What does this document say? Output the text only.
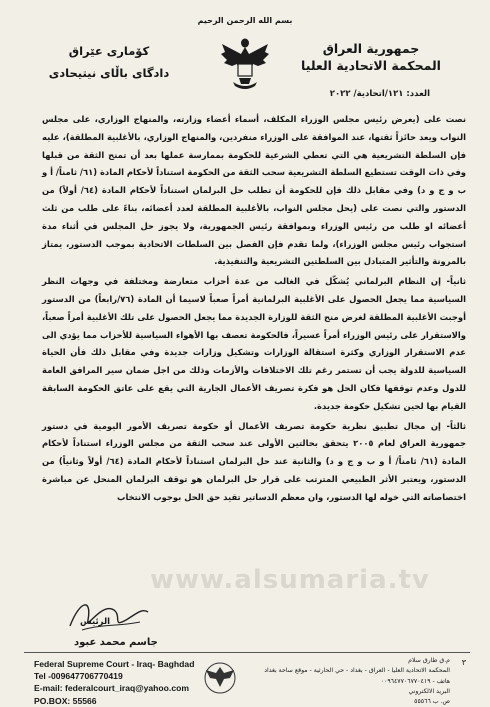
بسم الله الرحمن الرحيم
جمهورية العراق
المحكمة الاتحادية العليا
كۆماری عێراق
دادگای باڵای نیتیحادی
العدد: ١٢١/اتحادية/ ٢٠٢٢

نصت على (يعرض رئيس مجلس الوزراء المكلف، أسماء أعضاء وزارته، والمنهاج الوزاري، على مجلس النواب ويعد حائزاً ثقتها، عند الموافقة على الوزراء منفردين، والمنهاج الوزاري، بالأغلبية المطلقة)، عليه فإن السلطة التشريعية هي التي تعطي الشرعية للحكومة بممارسة عملها بعد أن تمنح الثقة من قبلها وفي ذات الوقت تستطيع السلطة التشريعية سحب الثقة من الحكومة استناداً لأحكام المادة (٦١/ ثامناً/ أ و ب و ج و د) وفي مقابل ذلك فإن للحكومة أن تطلب حل البرلمان استناداً لأحكام المادة (٦٤/ أولاً) من الدستور والتي نصت على (يحل مجلس النواب، بالأغلبية المطلقة لعدد أعضائه، بناءً على طلب من ثلث أعضائه او طلب من رئيس الوزراء وبموافقة رئيس الجمهورية، ولا يجوز حل المجلس في أثناء مدة استجواب رئيس مجلس الوزراء)، ولما تقدم فإن الفصل بين السلطات الاتحادية بموجب الدستور، يمتاز بالمرونة والتأثير المتبادل بين السلطتين التشريعية والتنفيذية.

ثانياً- إن النظام البرلماني يُشكّل في الغالب من عدة أحزاب متعارضة ومختلفة في وجهات النظر السياسية مما يجعل الحصول على الأغلبية البرلمانية أمراً صعباً لاسيما أن المادة (٧٦/رابعاً) من الدستور أوجبت الأغلبية المطلقة لغرض منح الثقة للوزارة الجديدة مما يجعل الحصول على تلك الأغلبية أمراً صعباً، والاستقرار على رئيس الوزراء أمراً عسيراً، فالحكومة تعصف بها الأهواء السياسية للأحزاب مما يؤدي الى عدم الاستقرار الوزاري وكثرة استقالة الوزارات وتشكيل وزارات جديدة وفي مقابل ذلك فأن الحياة السياسية للدولة يجب أن تستمر رغم تلك الاختلافات والأزمات وذلك من اجل ضمان سير المرافق العامة للدول وعدم توقفها فكان الحل هو فكرة تصريف الأعمال الجارية التي يقع على عاتق الحكومة السابقة القيام بها لحين تشكيل حكومة جديدة.

ثالثاً- إن مجال تطبيق نظرية حكومة تصريف الأعمال أو حكومة تصريف الأمور اليومية في دستور جمهورية العراق لعام ٢٠٠٥ يتحقق بحالتين الأولى عند سحب الثقة من مجلس الوزراء استناداً لأحكام المادة (٦١/ ثامناً/ أ و ب و ج و د) والثانية عند حل البرلمان استناداً لأحكام المادة (٦٤/ أولاً وثانياً) من الدستور، ويعتبر الأثر الطبيعي المترتب على قرار حل البرلمان هو توقف البرلمان المنحل عن مباشرة اختصاصاته التي خوله لها الدستور، وان معظم الدساتير تقيد حق الحل بوجوب الانتخاب

www.alsumaria.tv
الرئيس
جاسم محمد عبود
Federal Supreme Court - Iraq- Baghdad
Tel -009647706770419
E-mail: federalcourt_iraq@yahoo.com
PO.BOX: 55566
م.ق طارق سلام
المحكمة الاتحادية العليا - العراق - بغداد - حي الحارثية - موقع ساحة بغداد
هاتف - ٠٠٩٦٤٧٧٠٦٧٧٠٤١٩
البريد الالكتروني
ص. ب ٥٥٥٦٦
٣
